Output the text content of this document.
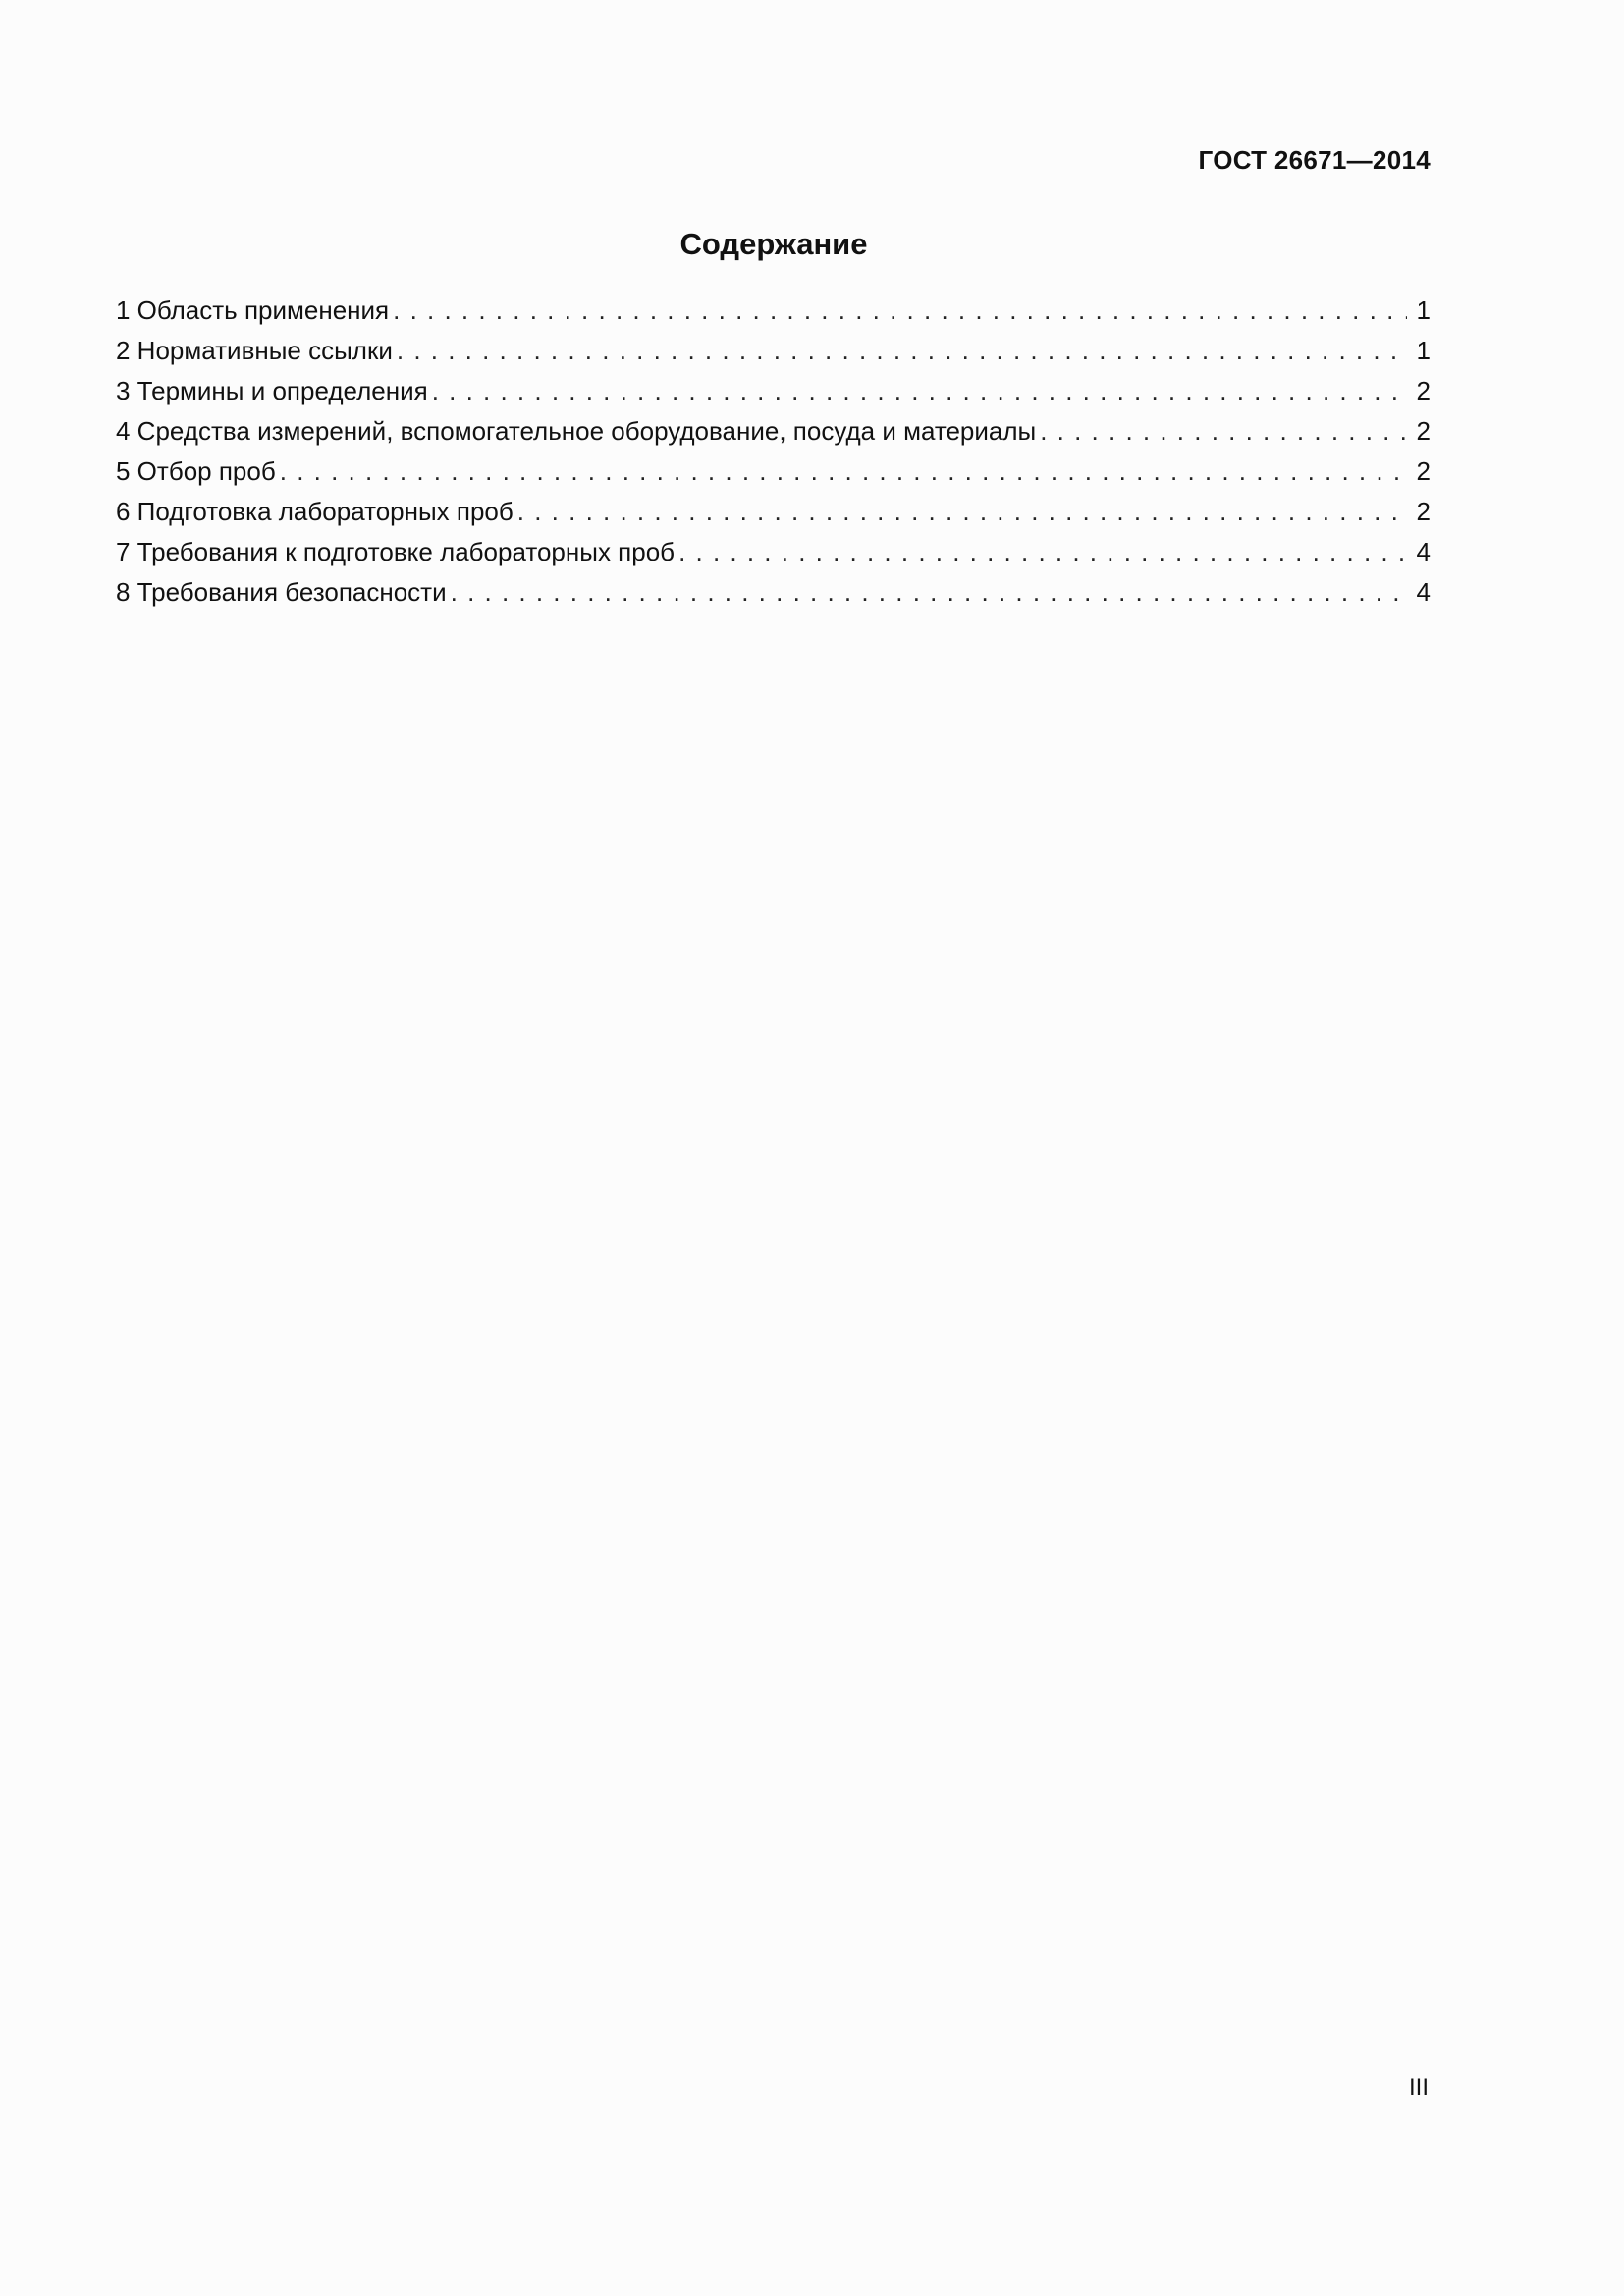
ГОСТ 26671—2014
Содержание
1 Область применения . . .	1
2 Нормативные ссылки . . .	1
3 Термины и определения . . .	2
4 Средства измерений, вспомогательное оборудование, посуда и материалы . . .	2
5 Отбор проб . . .	2
6 Подготовка лабораторных проб . . .	2
7 Требования к подготовке лабораторных проб . . .	4
8 Требования безопасности . . .	4
III
